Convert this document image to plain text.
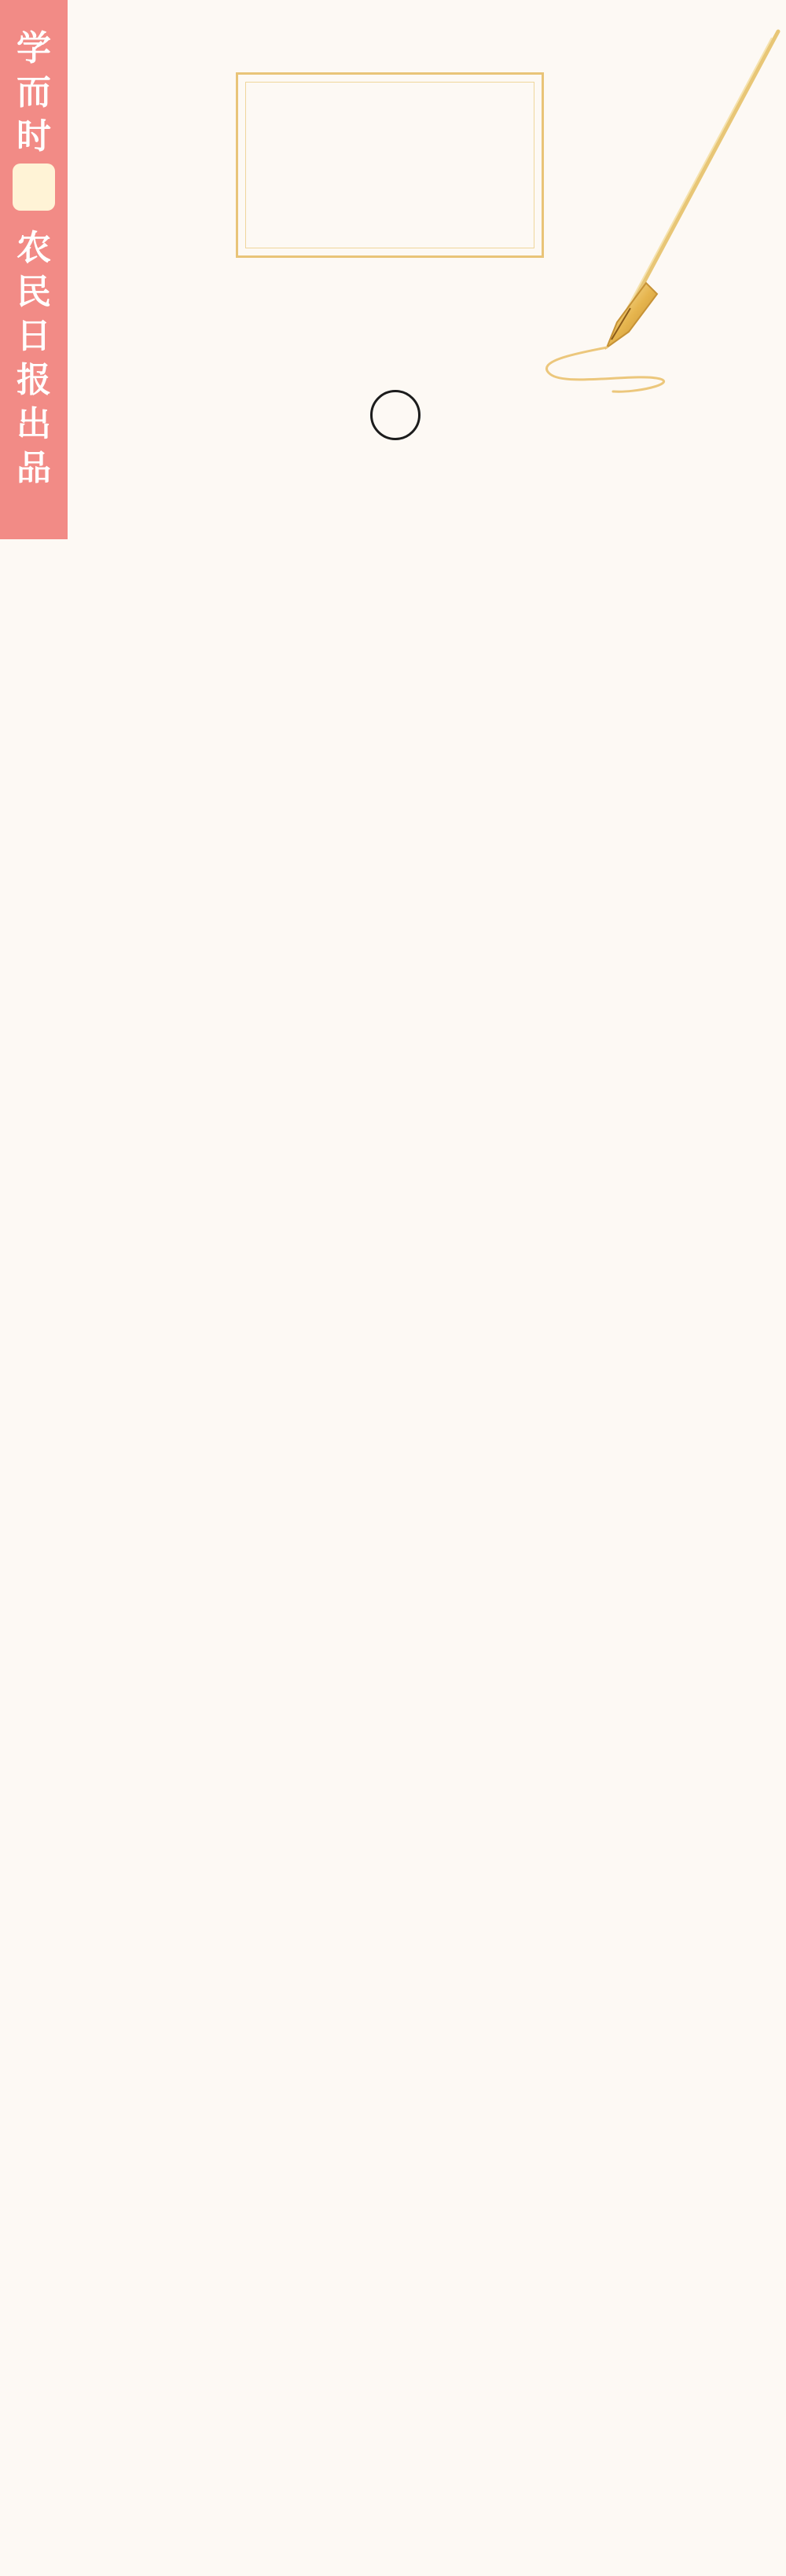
学
而
时
农
民
日
报
出
品
